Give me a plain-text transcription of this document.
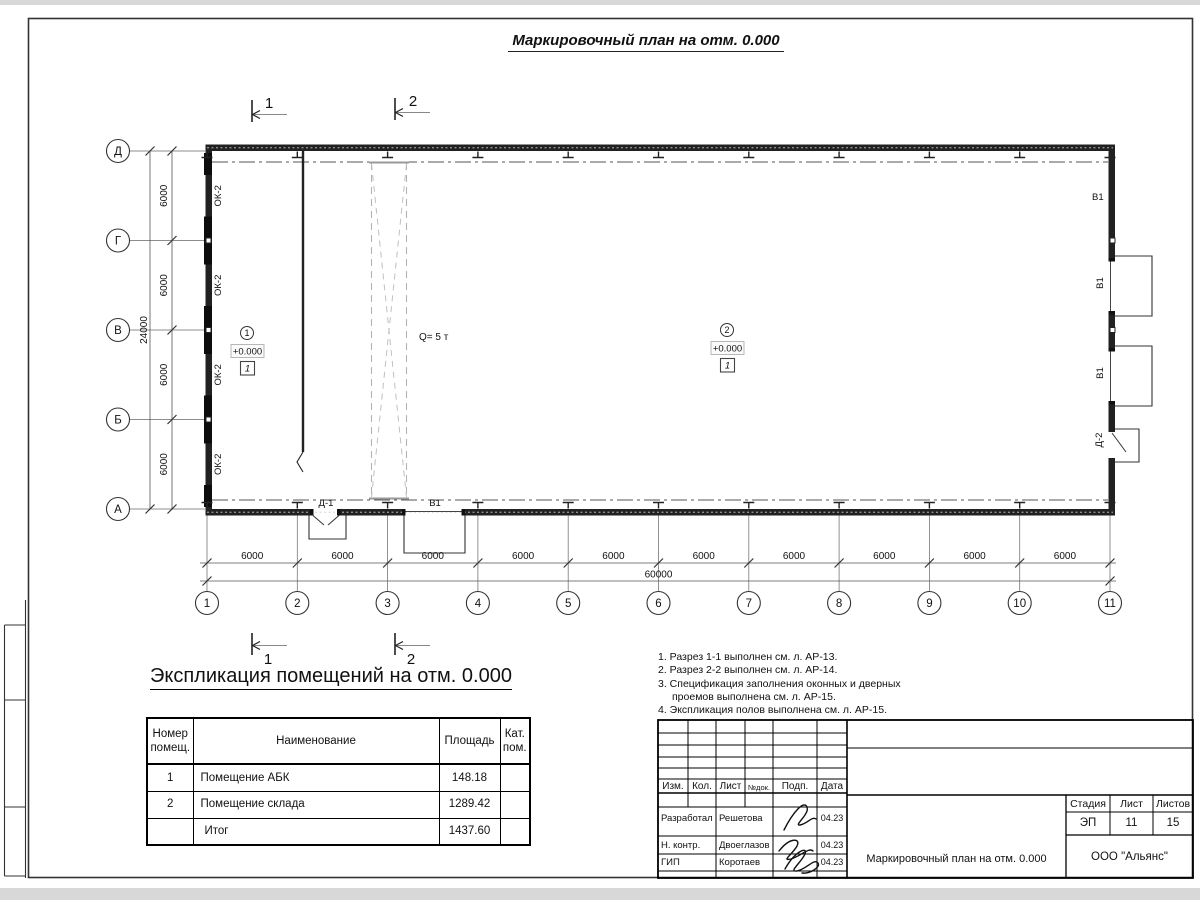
Д
Г
В
Б
А
6000
6000
6000
6000
24000	Q= 5 т
ОК-2
ОК-2
ОК-2
ОК-2
В1
В1
В1
В1
Д-1
Д-2
1
+0.000
1
2
+0.000
1
1	2
1	2
6000	6000	6000	6000	6000	6000	6000	6000	6000	6000
60000
1	2	3	4	5	6	7	8	9	10	11
Маркировочный план на отм. 0.000
Экспликация помещений на отм. 0.000
Номер помещ.	Наименование	Площадь	Кат. пом.
1	Помещение АБК	148.18	
2	Помещение склада	1289.42	
	Итог	1437.60	
1. Разрез 1-1 выполнен см. л. АР-13.
2. Разрез 2-2 выполнен см. л. АР-14.
3. Спецификация заполнения оконных и дверных
проемов выполнена см. л. АР-15.
4. Экспликация полов выполнена см. л. АР-15.
Изм. Кол. Лист №док.	Подп.	Дата
Разработал Решетова	04.23
Н. контр. Двоеглазов	04.23
ГИП	Коротаев	04.23
Стадия	Лист	Листов
ЭП	11	15
Маркировочный план на отм. 0.000	ООО "Альянс"
